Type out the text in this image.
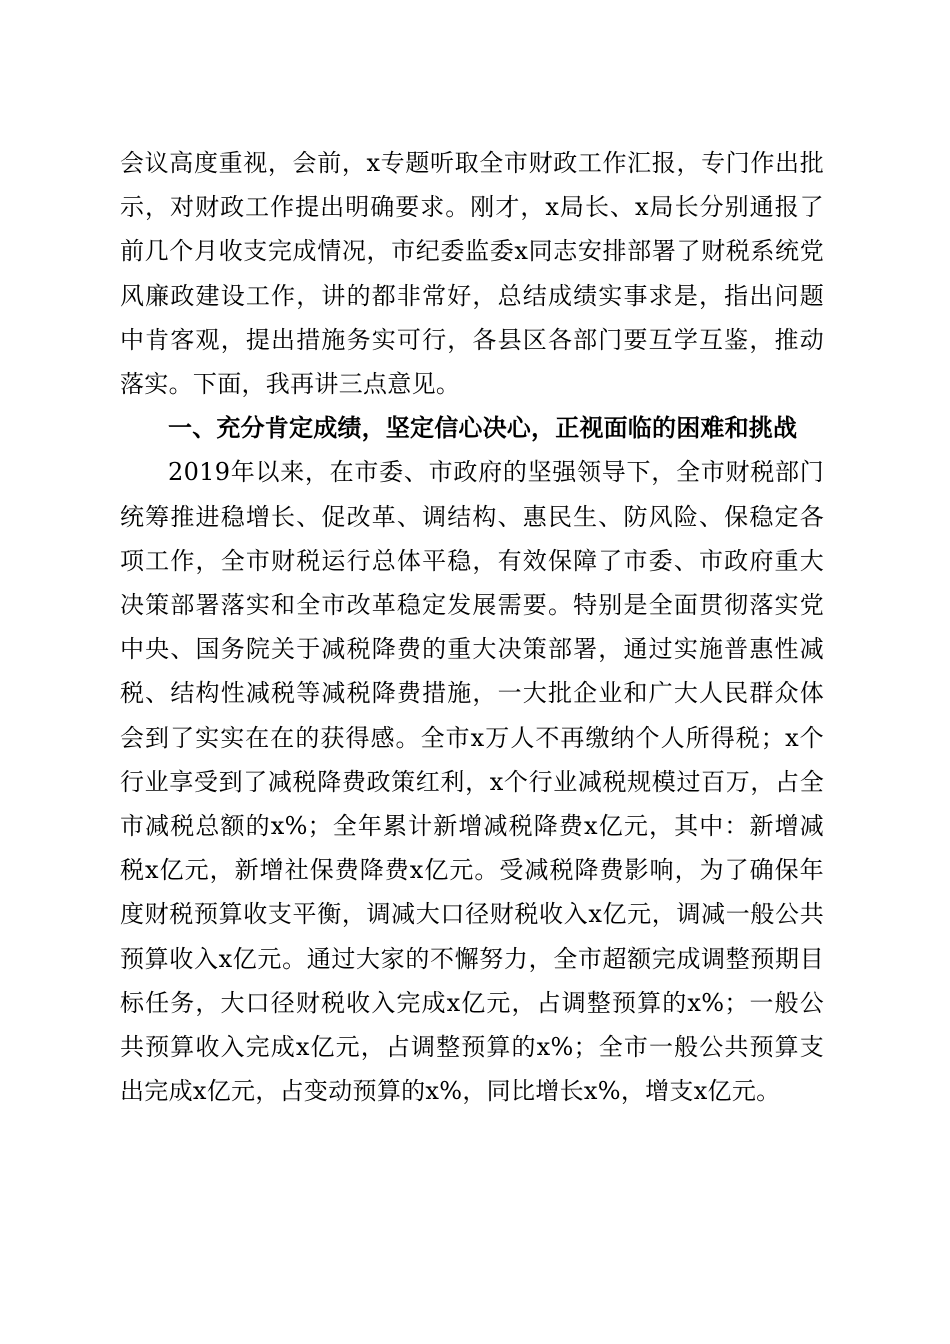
会议高度重视，会前，x专题听取全市财政工作汇报，专门作出批示，对财政工作提出明确要求。刚才，x局长、x局长分别通报了前几个月收支完成情况，市纪委监委x同志安排部署了财税系统党风廉政建设工作，讲的都非常好，总结成绩实事求是，指出问题中肯客观，提出措施务实可行，各县区各部门要互学互鉴，推动落实。下面，我再讲三点意见。

一、充分肯定成绩，坚定信心决心，正视面临的困难和挑战

2019年以来，在市委、市政府的坚强领导下，全市财税部门统筹推进稳增长、促改革、调结构、惠民生、防风险、保稳定各项工作，全市财税运行总体平稳，有效保障了市委、市政府重大决策部署落实和全市改革稳定发展需要。特别是全面贯彻落实党中央、国务院关于减税降费的重大决策部署，通过实施普惠性减税、结构性减税等减税降费措施，一大批企业和广大人民群众体会到了实实在在的获得感。全市x万人不再缴纳个人所得税；x个行业享受到了减税降费政策红利，x个行业减税规模过百万，占全市减税总额的x%；全年累计新增减税降费x亿元，其中：新增减税x亿元，新增社保费降费x亿元。受减税降费影响，为了确保年度财税预算收支平衡，调减大口径财税收入x亿元，调减一般公共预算收入x亿元。通过大家的不懈努力，全市超额完成调整预期目标任务，大口径财税收入完成x亿元，占调整预算的x%；一般公共预算收入完成x亿元，占调整预算的x%；全市一般公共预算支出完成x亿元，占变动预算的x%，同比增长x%，增支x亿元。
